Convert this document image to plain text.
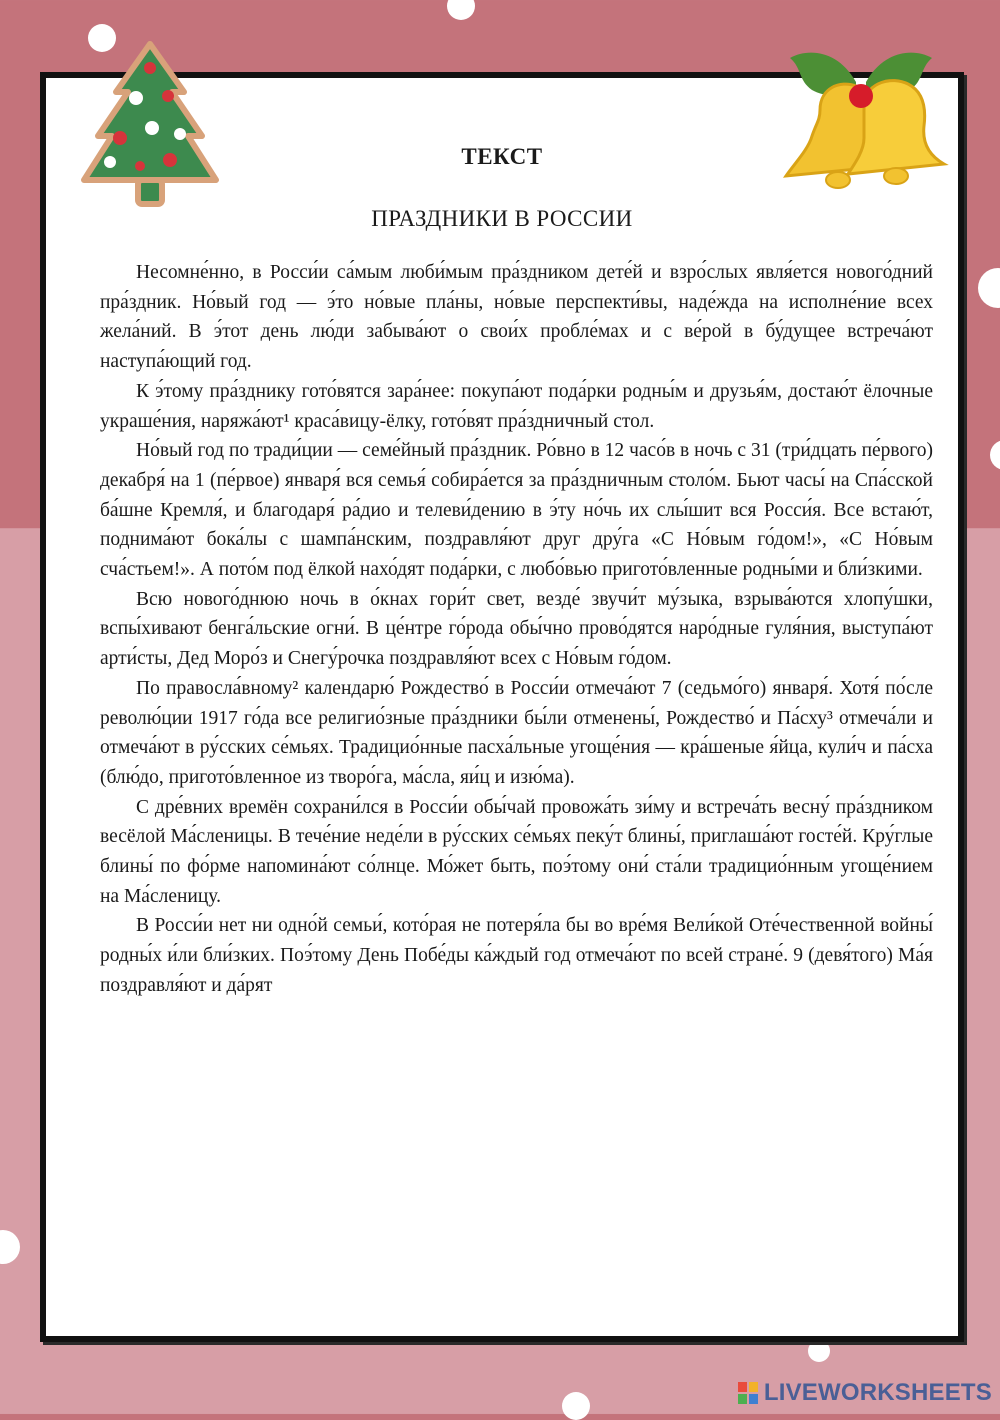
ТЕКСТ
ПРАЗДНИКИ В РОССИИ

Несомне́нно, в Росси́и са́мым люби́мым пра́здником дете́й и взро́слых явля́ется нового́дний пра́здник. Но́вый год — э́то но́вые пла́ны, но́вые перспекти́вы, наде́жда на исполне́ние всех жела́ний. В э́тот день лю́ди забыва́ют о свои́х пробле́мах и с ве́рой в бу́дущее встреча́ют наступа́ющий год.

К э́тому пра́зднику гото́вятся зара́нее: покупа́ют пода́рки родны́м и друзья́м, достаю́т ёлочные украше́ния, наряжа́ют¹ краса́вицу-ёлку, гото́вят пра́здничный стол.

Но́вый год по тради́ции — семе́йный пра́здник. Ро́вно в 12 часо́в в ночь с 31 (три́дцать пе́рвого) декабря́ на 1 (пе́рвое) января́ вся семья́ собира́ется за пра́здничным столо́м. Бьют часы́ на Спа́сской ба́шне Кремля́, и благодаря́ ра́дио и телеви́дению в э́ту но́чь их слы́шит вся Росси́я. Все встаю́т, поднима́ют бока́лы с шампа́нским, поздравля́ют друг дру́га «С Но́вым го́дом!», «С Но́вым сча́стьем!». А пото́м под ёлкой нахо́дят пода́рки, с любо́вью пригото́вленные родны́ми и бли́зкими.

Всю нового́днюю ночь в о́кнах гори́т свет, везде́ звучи́т му́зыка, взрыва́ются хлопу́шки, вспы́хивают бенга́льские огни́. В це́нтре го́рода обы́чно прово́дятся наро́дные гуля́ния, выступа́ют арти́сты, Дед Моро́з и Снегу́рочка поздравля́ют всех с Но́вым го́дом.

По правосла́вному² календарю́ Рождество́ в Росси́и отмеча́ют 7 (седьмо́го) января́. Хотя́ по́сле револю́ции 1917 го́да все религио́зные пра́здники бы́ли отменены́, Рождество́ и Па́сху³ отмеча́ли и отмеча́ют в ру́сских се́мьях. Традицио́нные пасха́льные угоще́ния — кра́шеные я́йца, кули́ч и па́сха (блю́до, пригото́вленное из творо́га, ма́сла, яи́ц и изю́ма).

С дре́вних времён сохрани́лся в Росси́и обы́чай провожа́ть зи́му и встреча́ть весну́ пра́здником весёлой Ма́сленицы. В тече́ние неде́ли в ру́сских се́мьях пеку́т блины́, приглаша́ют госте́й. Кру́глые блины́ по фо́рме напомина́ют со́лнце. Мо́жет быть, поэ́тому они́ ста́ли традицио́нным угоще́нием на Ма́сленицу.

В Росси́и нет ни одно́й семьи́, кото́рая не потеря́ла бы во вре́мя Вели́кой Оте́чественной войны́ родны́х и́ли бли́зких. Поэ́тому День Побе́ды ка́ждый год отмеча́ют по всей стране́. 9 (девя́того) Ма́я поздравля́ют и да́рят

LIVEWORKSHEETS
